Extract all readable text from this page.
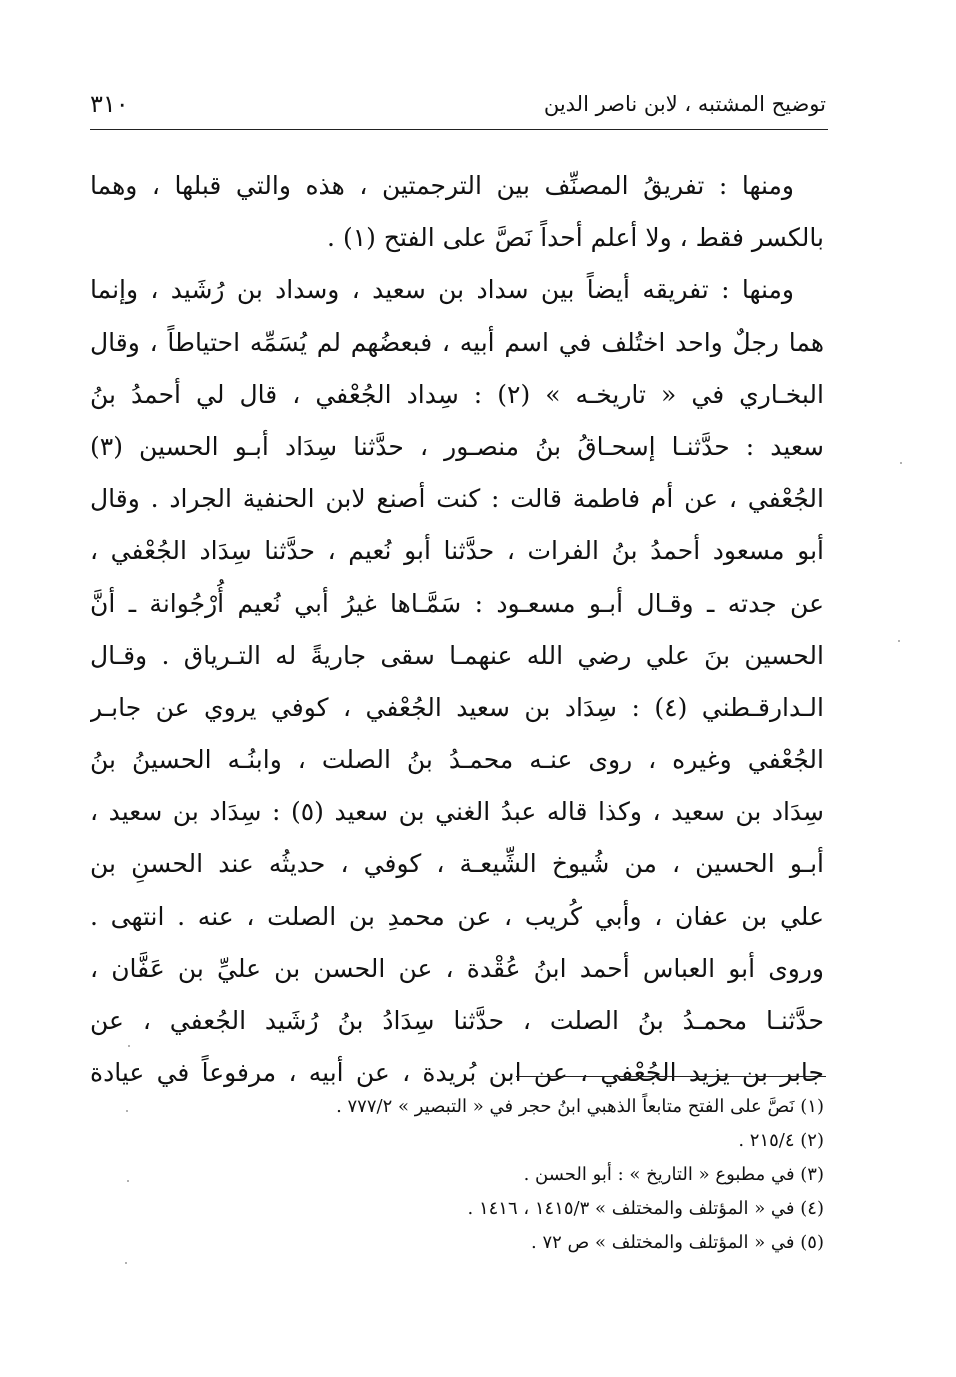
توضيح المشتبه ، لابن ناصر الدين
٣١٠
ومنها : تفريقُ المصنِّف بين الترجمتين ، هذه والتي قبلها ، وهما
بالكسر فقط ، ولا أعلم أحداً نَصَّ على الفتح (١) .
ومنها : تفريقه أيضاً بين سداد بن سعيد ، وسداد بن رُشَيد ، وإنما
هما رجلٌ واحد اختُلف في اسم أبيه ، فبعضُهم لم يُسَمِّه احتياطاً ، وقال
البخـاري في « تاريخـه » (٢) : سِداد الجُعْفي ، قال لي أحمدُ بنُ
سعيد : حدَّثنـا إسحـاقُ بنُ منصـور ، حدَّثنا سِدَاد أبـو الحسين (٣)
الجُعْفي ، عن أم فاطمة قالت : كنت أصنع لابن الحنفية الجراد . وقال
أبو مسعود أحمدُ بنُ الفرات ، حدَّثنا أبو نُعيم ، حدَّثنا سِدَاد الجُعْفي ،
عن جدته ـ وقـال أبـو مسعـود : سَمَّـاها غيرُ أبي نُعيم أُرْجُوانة ـ أنَّ
الحسين بنَ علي رضي الله عنهمـا سقى جاريةً له التـرياق . وقـال
الـدارقـطني (٤) : سِدَاد بن سعيد الجُعْفي ، كوفي يروي عن جابـر
الجُعْفي وغيره ، روى عنـه محمـدُ بنُ الصلت ، وابنُـه الحسينُ بنُ
سِدَاد بن سعيد ، وكذا قاله عبدُ الغني بن سعيد (٥) : سِدَاد بن سعيد ،
أبـو الحسين ، من شُيوخ الشِّيعـة ، كوفي ، حديثُه عند الحسنِ بن
علي بن عفان ، وأبي كُريب ، عن محمدِ بن الصلت ، عنه . انتهى .
وروى أبو العباس أحمد ابنُ عُقْدة ، عن الحسن بن عليِّ بن عَفَّان ،
حدَّثنـا محمـدُ بنُ الصلت ، حدَّثنا سِدَادُ بنُ رُشَيد الجُعفي ، عن
جابر بن يزيد الجُعْفي ، عن ابن بُريدة ، عن أبيه ، مرفوعاً في عيادة
(١) نَصَّ على الفتح متابعاً الذهبي ابنُ حجر في « التبصير » ٧٧٧/٢ .
(٢) ٢١٥/٤ .
(٣) في مطبوع « التاريخ » : أبو الحسن .
(٤) في « المؤتلف والمختلف » ١٤١٥/٣ ، ١٤١٦ .
(٥) في « المؤتلف والمختلف » ص ٧٢ .
